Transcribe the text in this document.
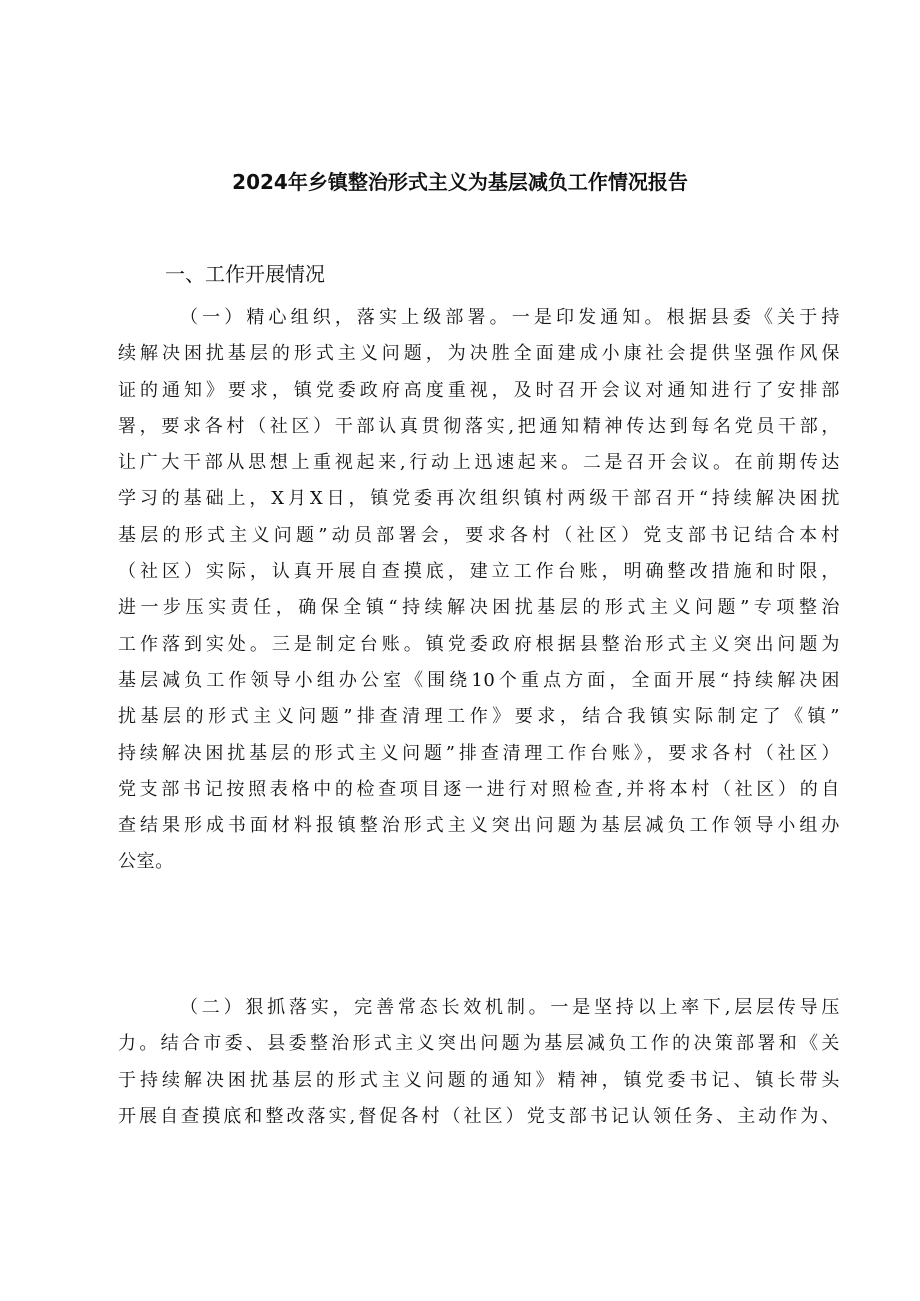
2024年乡镇整治形式主义为基层减负工作情况报告
一、工作开展情况
（一）精心组织，落实上级部署。一是印发通知。根据县委《关于持
续解决困扰基层的形式主义问题，为决胜全面建成小康社会提供坚强作风保
证的通知》要求，镇党委政府高度重视，及时召开会议对通知进行了安排部
署，要求各村（社区）干部认真贯彻落实,把通知精神传达到每名党员干部，
让广大干部从思想上重视起来,行动上迅速起来。二是召开会议。在前期传达
学习的基础上，X月X日，镇党委再次组织镇村两级干部召开“持续解决困扰
基层的形式主义问题”动员部署会，要求各村（社区）党支部书记结合本村
（社区）实际，认真开展自查摸底，建立工作台账，明确整改措施和时限，
进一步压实责任，确保全镇“持续解决困扰基层的形式主义问题”专项整治
工作落到实处。三是制定台账。镇党委政府根据县整治形式主义突出问题为
基层减负工作领导小组办公室《围绕10个重点方面，全面开展“持续解决困
扰基层的形式主义问题”排查清理工作》要求，结合我镇实际制定了《镇”
持续解决困扰基层的形式主义问题”排查清理工作台账》，要求各村（社区）
党支部书记按照表格中的检查项目逐一进行对照检查,并将本村（社区）的自
查结果形成书面材料报镇整治形式主义突出问题为基层减负工作领导小组办
公室。
（二）狠抓落实，完善常态长效机制。一是坚持以上率下,层层传导压
力。结合市委、县委整治形式主义突出问题为基层减负工作的决策部署和《关
于持续解决困扰基层的形式主义问题的通知》精神，镇党委书记、镇长带头
开展自查摸底和整改落实,督促各村（社区）党支部书记认领任务、主动作为、
